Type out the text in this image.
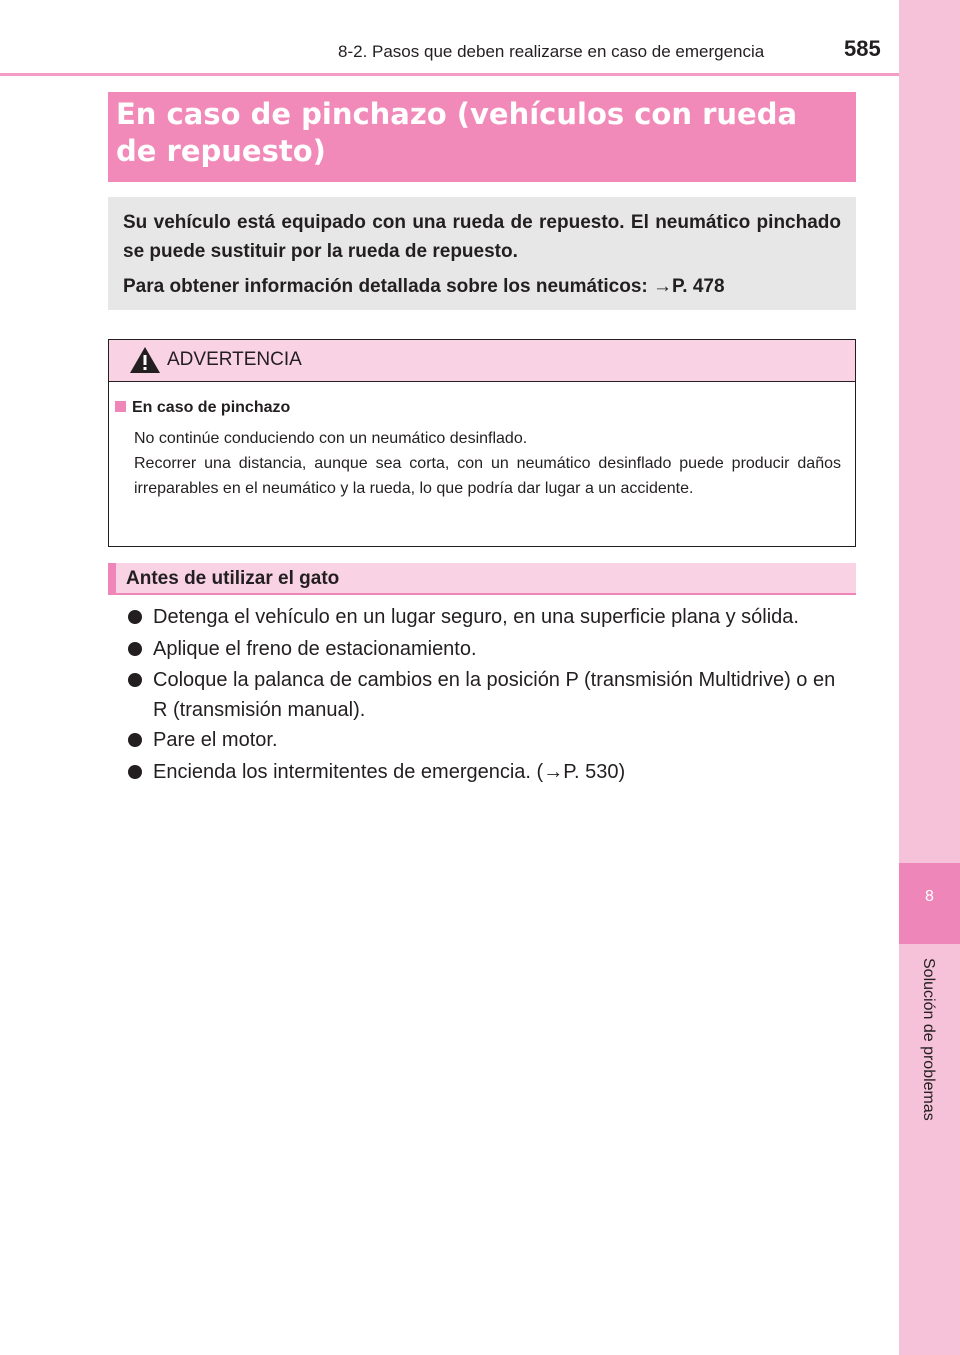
8-2. Pasos que deben realizarse en caso de emergencia	585
8
Solución de problemas
En caso de pinchazo (vehículos con rueda de repuesto)

Su vehículo está equipado con una rueda de repuesto. El neumático pinchado se puede sustituir por la rueda de repuesto.

Para obtener información detallada sobre los neumáticos: →P. 478

ADVERTENCIA
En caso de pinchazo

No continúe conduciendo con un neumático desinflado.

Recorrer una distancia, aunque sea corta, con un neumático desinflado puede producir daños irreparables en el neumático y la rueda, lo que podría dar lugar a un accidente.

Antes de utilizar el gato
Detenga el vehículo en un lugar seguro, en una superficie plana y sólida.
Aplique el freno de estacionamiento.
Coloque la palanca de cambios en la posición P (transmisión Multidrive) o en R (transmisión manual).
Pare el motor.
Encienda los intermitentes de emergencia. (→P. 530)
